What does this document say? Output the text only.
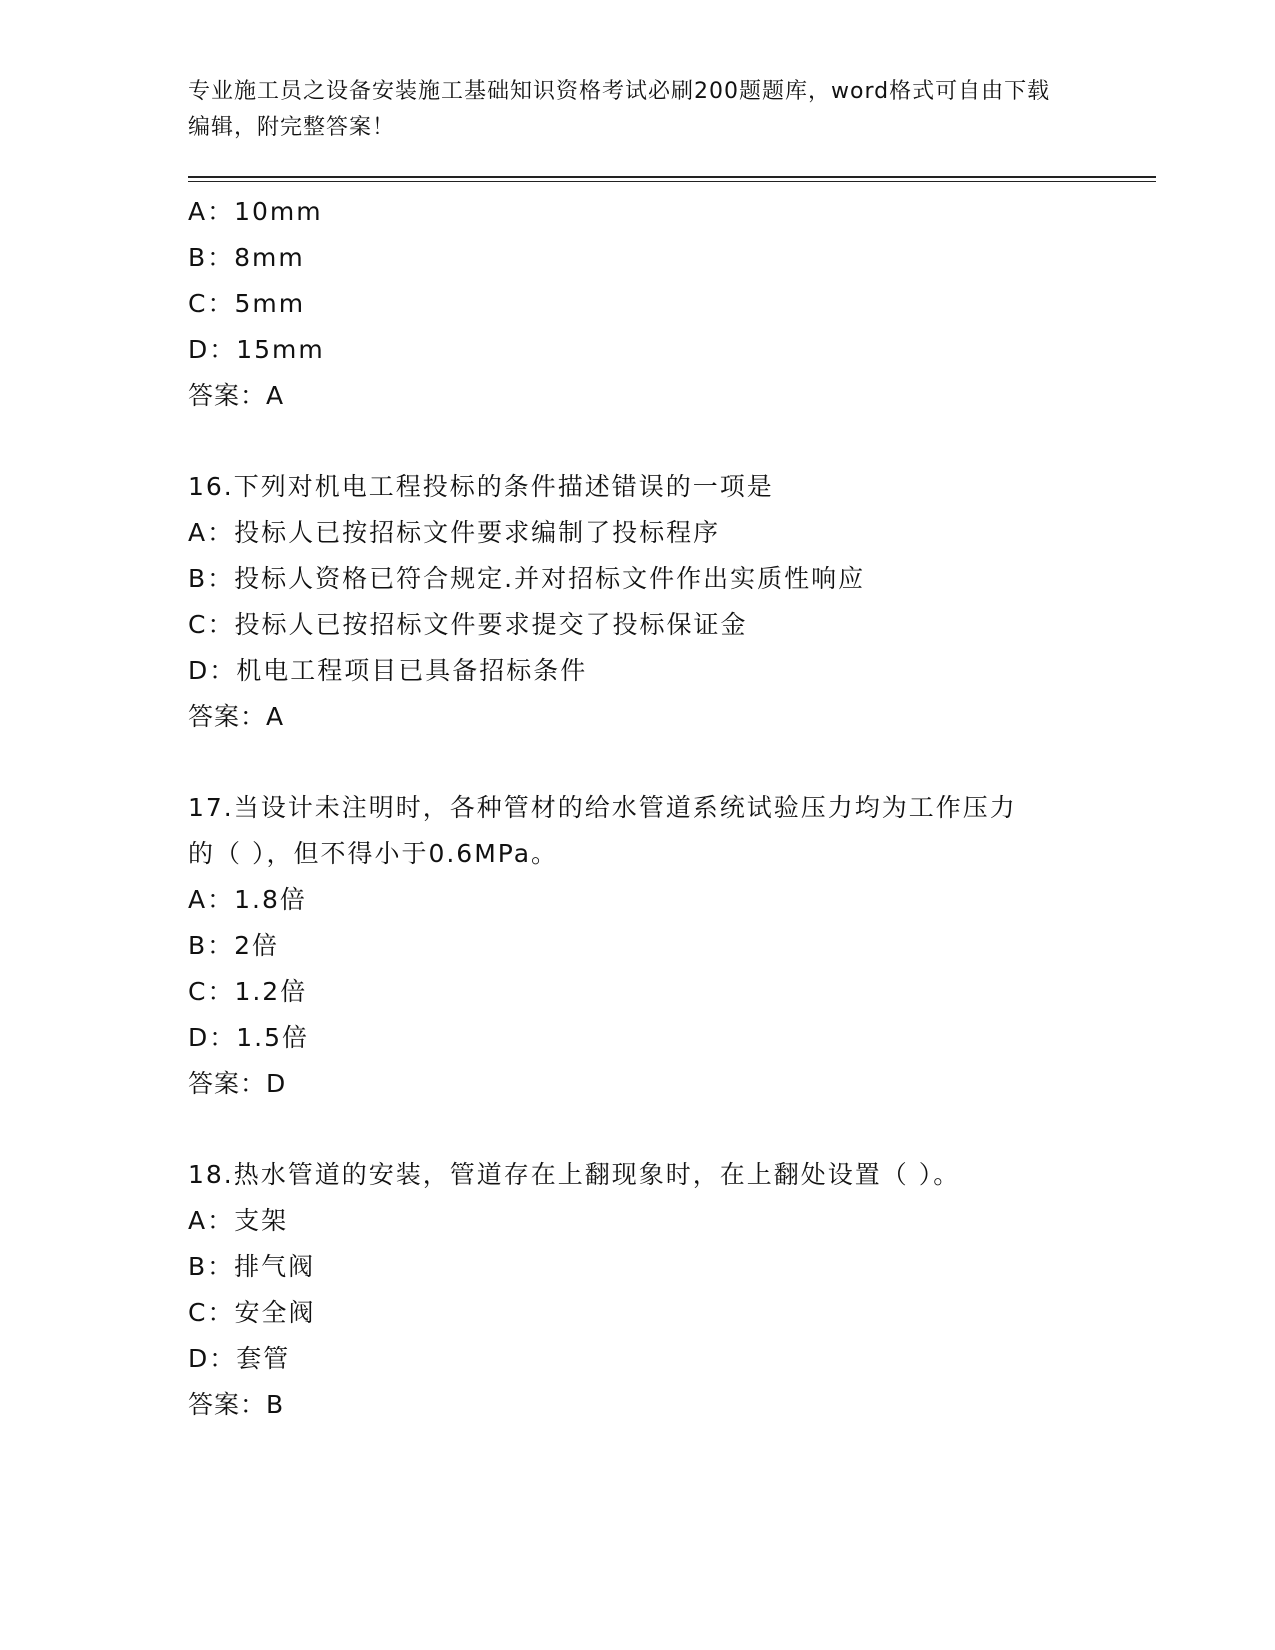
专业施工员之设备安装施工基础知识资格考试必刷200题题库，word格式可自由下载编辑，附完整答案！
A：10mm
B：8mm
C：5mm
D：15mm
答案：A
16.下列对机电工程投标的条件描述错误的一项是
A：投标人已按招标文件要求编制了投标程序
B：投标人资格已符合规定.并对招标文件作出实质性响应
C：投标人已按招标文件要求提交了投标保证金
D：机电工程项目已具备招标条件
答案：A
17.当设计未注明时，各种管材的给水管道系统试验压力均为工作压力
的（ ），但不得小于0.6MPa。
A：1.8倍
B：2倍
C：1.2倍
D：1.5倍
答案：D
18.热水管道的安装，管道存在上翻现象时，在上翻处设置（ ）。
A：支架
B：排气阀
C：安全阀
D：套管
答案：B
